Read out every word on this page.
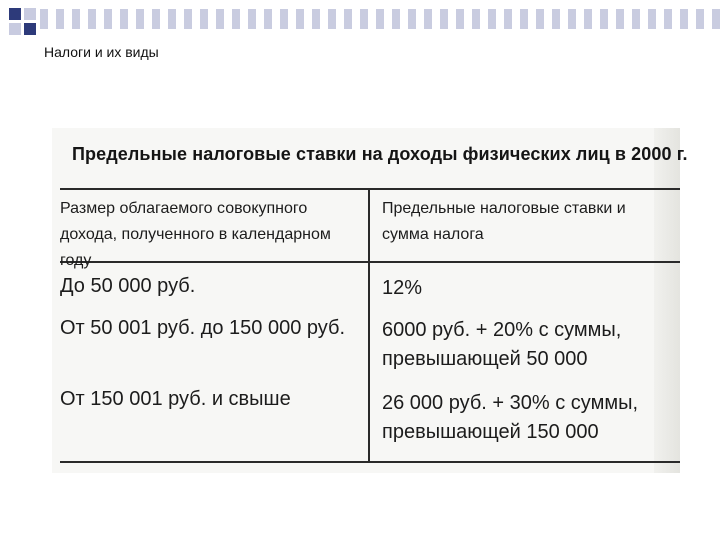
Налоги и их виды
Предельные налоговые ставки на доходы физических лиц в 2000 г.
Размер облагаемого совокупного дохода, полученного в календарном году
Предельные налоговые ставки и сумма налога
До 50 000 руб.	12%
От 50 001 руб. до 150 000 руб. 6000 руб. + 20% с суммы, превышающей 50 000
От 150 001 руб. и свыше	26 000 руб. + 30% с суммы, превышающей 150 000
